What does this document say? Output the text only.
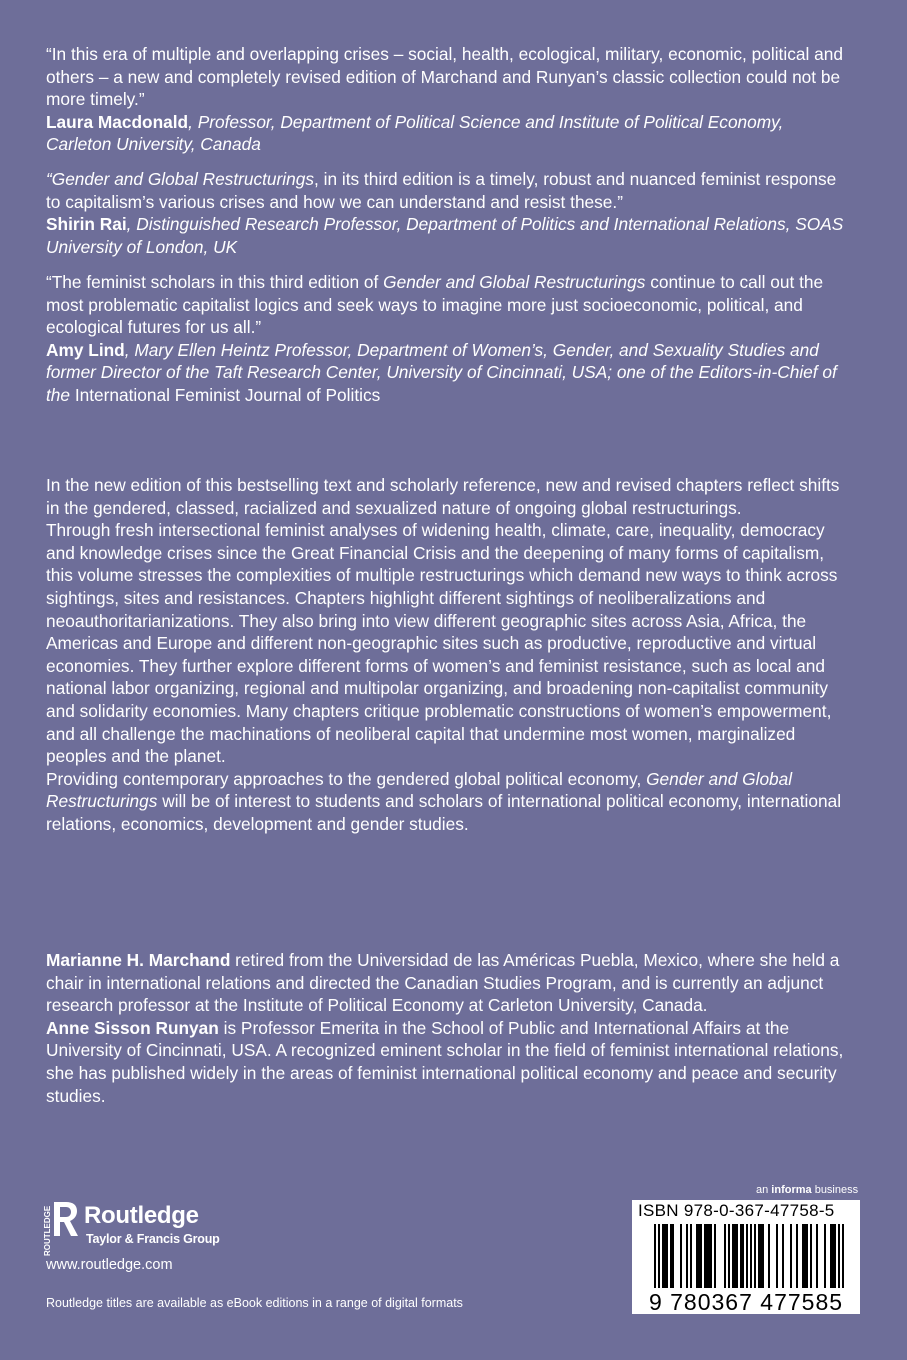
“In this era of multiple and overlapping crises – social, health, ecological, military, economic, political and others – a new and completely revised edition of Marchand and Runyan’s classic collection could not be more timely.”

Laura Macdonald, Professor, Department of Political Science and Institute of Political Economy, Carleton University, Canada

“Gender and Global Restructurings, in its third edition is a timely, robust and nuanced feminist response to capitalism’s various crises and how we can understand and resist these.”

Shirin Rai, Distinguished Research Professor, Department of Politics and International Relations, SOAS University of London, UK

“The feminist scholars in this third edition of Gender and Global Restructurings continue to call out the most problematic capitalist logics and seek ways to imagine more just socioeconomic, political, and ecological futures for us all.”

Amy Lind, Mary Ellen Heintz Professor, Department of Women’s, Gender, and Sexuality Studies and former Director of the Taft Research Center, University of Cincinnati, USA; one of the Editors-in-Chief of the International Feminist Journal of Politics

In the new edition of this bestselling text and scholarly reference, new and revised chapters reflect shifts in the gendered, classed, racialized and sexualized nature of ongoing global restructurings.

Through fresh intersectional feminist analyses of widening health, climate, care, inequality, democracy and knowledge crises since the Great Financial Crisis and the deepening of many forms of capitalism, this volume stresses the complexities of multiple restructurings which demand new ways to think across sightings, sites and resistances. Chapters highlight different sightings of neoliberalizations and neoauthoritarianizations. They also bring into view different geographic sites across Asia, Africa, the Americas and Europe and different non-geographic sites such as productive, reproductive and virtual economies. They further explore different forms of women’s and feminist resistance, such as local and national labor organizing, regional and multipolar organizing, and broadening non-capitalist community and solidarity economies. Many chapters critique problematic constructions of women’s empowerment, and all challenge the machinations of neoliberal capital that undermine most women, marginalized peoples and the planet.

Providing contemporary approaches to the gendered global political economy, Gender and Global Restructurings will be of interest to students and scholars of international political economy, international relations, economics, development and gender studies.

Marianne H. Marchand retired from the Universidad de las Américas Puebla, Mexico, where she held a chair in international relations and directed the Canadian Studies Program, and is currently an adjunct research professor at the Institute of Political Economy at Carleton University, Canada.

Anne Sisson Runyan is Professor Emerita in the School of Public and International Affairs at the University of Cincinnati, USA. A recognized eminent scholar in the field of feminist international relations, she has published widely in the areas of feminist international political economy and peace and security studies.

ROUTLEDGE Routledge
Taylor & Francis Group
www.routledge.com
Routledge titles are available as eBook editions in a range of digital formats
an informa business
ISBN 978-0-367-47758-5
9 780367 477585
